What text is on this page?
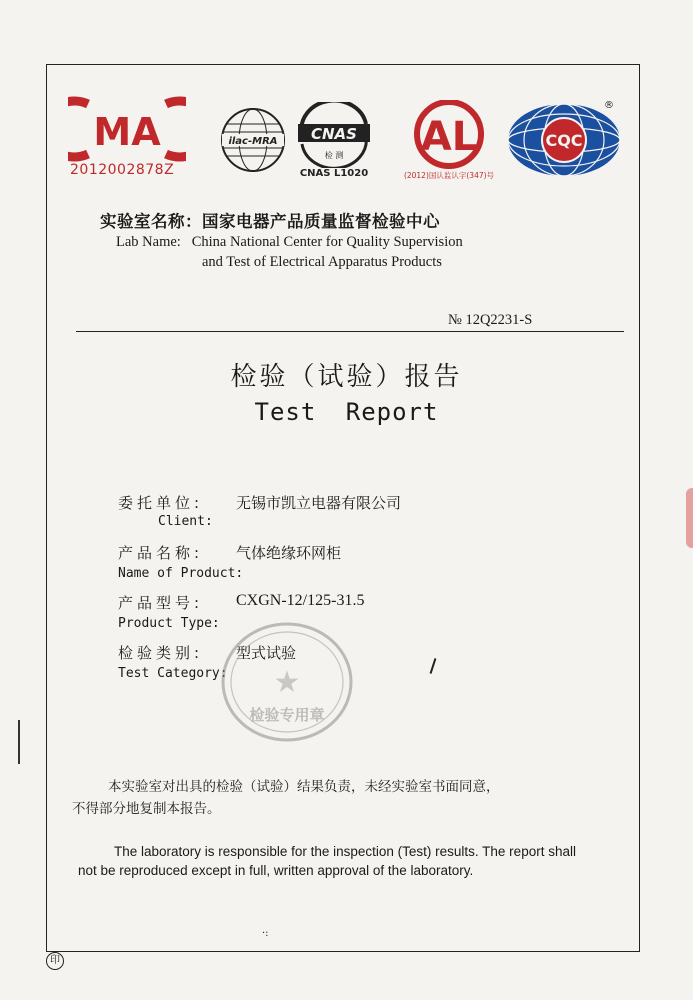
MA
2012002878Z
ilac-MRA CNAS
检 测
CNAS L1020
AL
(2012)国认监认字(347)号
CQC
®
实验室名称：国家电器产品质量监督检验中心
Lab Name: China National Center for Quality Supervision
and Test of Electrical Apparatus Products
№ 12Q2231-S
检验（试验）报告
Test Report
委托单位: 无锡市凯立电器有限公司
Client:
产品名称: 气体绝缘环网柜
Name of Product:
产品型号: CXGN-12/125-31.5
Product Type:
检验类别: 型式试验
Test Category: ★
检验专用章
本实验室对出具的检验（试验）结果负责，未经实验室书面同意，
不得部分地复制本报告。
The laboratory is responsible for the inspection (Test) results. The report shall
not be reproduced except in full, written approval of the laboratory.
·:
印
